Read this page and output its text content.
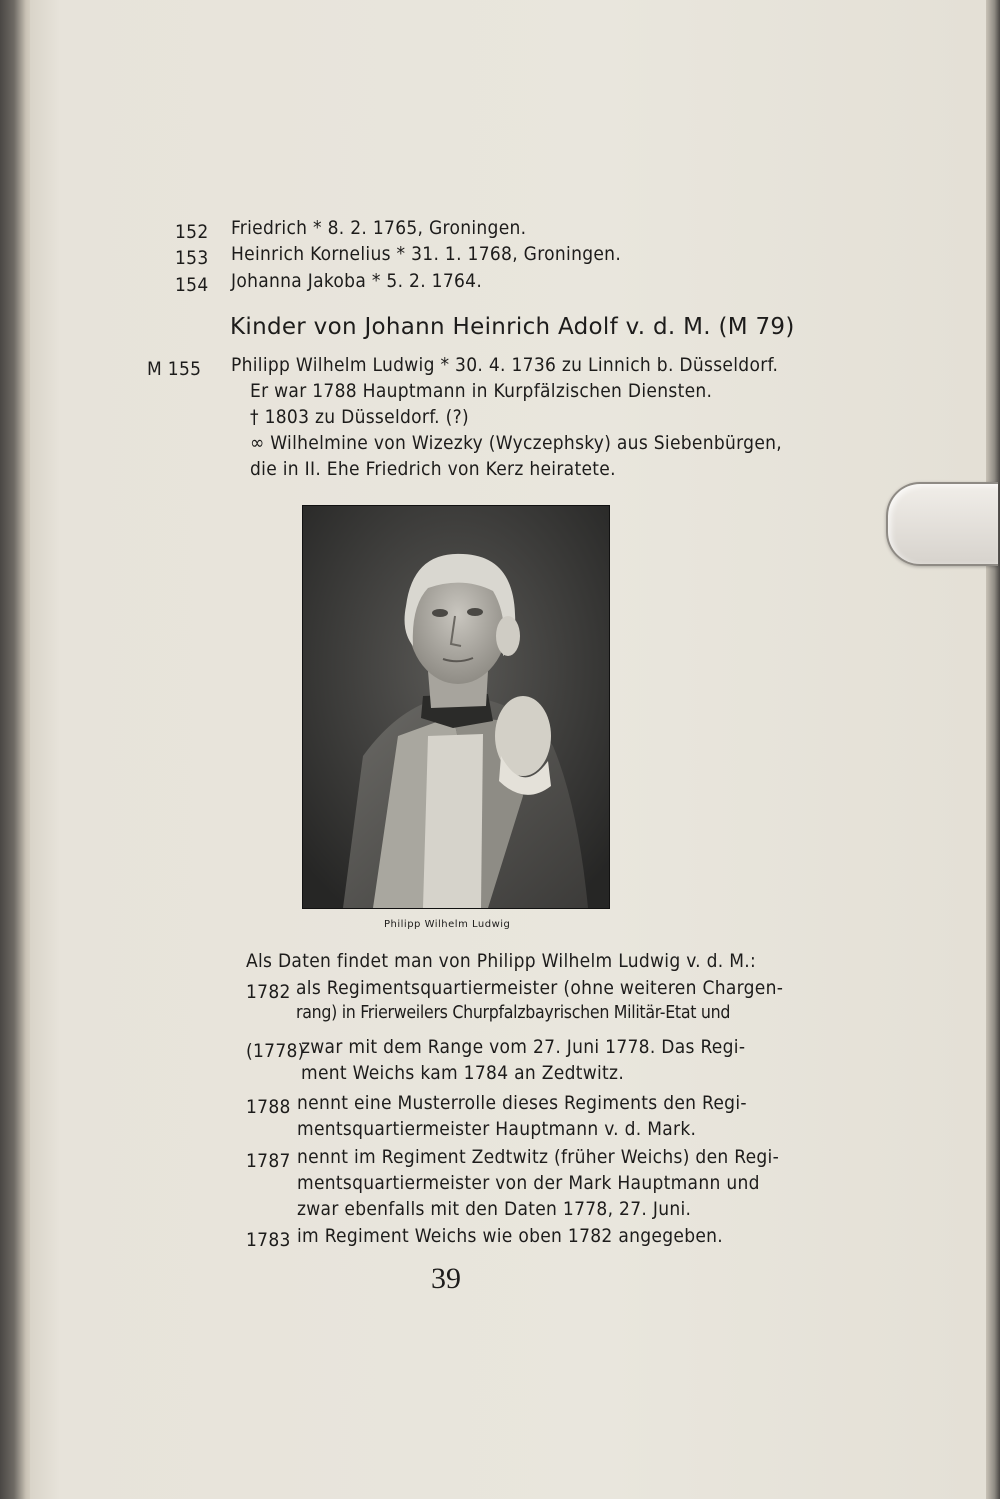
152 Friedrich * 8. 2. 1765, Groningen.
153 Heinrich Kornelius * 31. 1. 1768, Groningen.
154 Johanna Jakoba * 5. 2. 1764.
Kinder von Johann Heinrich Adolf v. d. M. (M 79)
M 155 Philipp Wilhelm Ludwig * 30. 4. 1736 zu Linnich b. Düsseldorf.
Er war 1788 Hauptmann in Kurpfälzischen Diensten.
† 1803 zu Düsseldorf. (?)
∞ Wilhelmine von Wizezky (Wyczephsky) aus Siebenbürgen,
die in II. Ehe Friedrich von Kerz heiratete.
Philipp Wilhelm Ludwig
Als Daten findet man von Philipp Wilhelm Ludwig v. d. M.:
1782 als Regimentsquartiermeister (ohne weiteren Chargen-
rang) in Frierweilers Churpfalzbayrischen Militär-Etat und
(1778)
zwar mit dem Range vom 27. Juni 1778. Das Regi-
ment Weichs kam 1784 an Zedtwitz.
1788 nennt eine Musterrolle dieses Regiments den Regi-
mentsquartiermeister Hauptmann v. d. Mark.
1787 nennt im Regiment Zedtwitz (früher Weichs) den Regi-
mentsquartiermeister von der Mark Hauptmann und
zwar ebenfalls mit den Daten 1778, 27. Juni.
1783 im Regiment Weichs wie oben 1782 angegeben.
39
